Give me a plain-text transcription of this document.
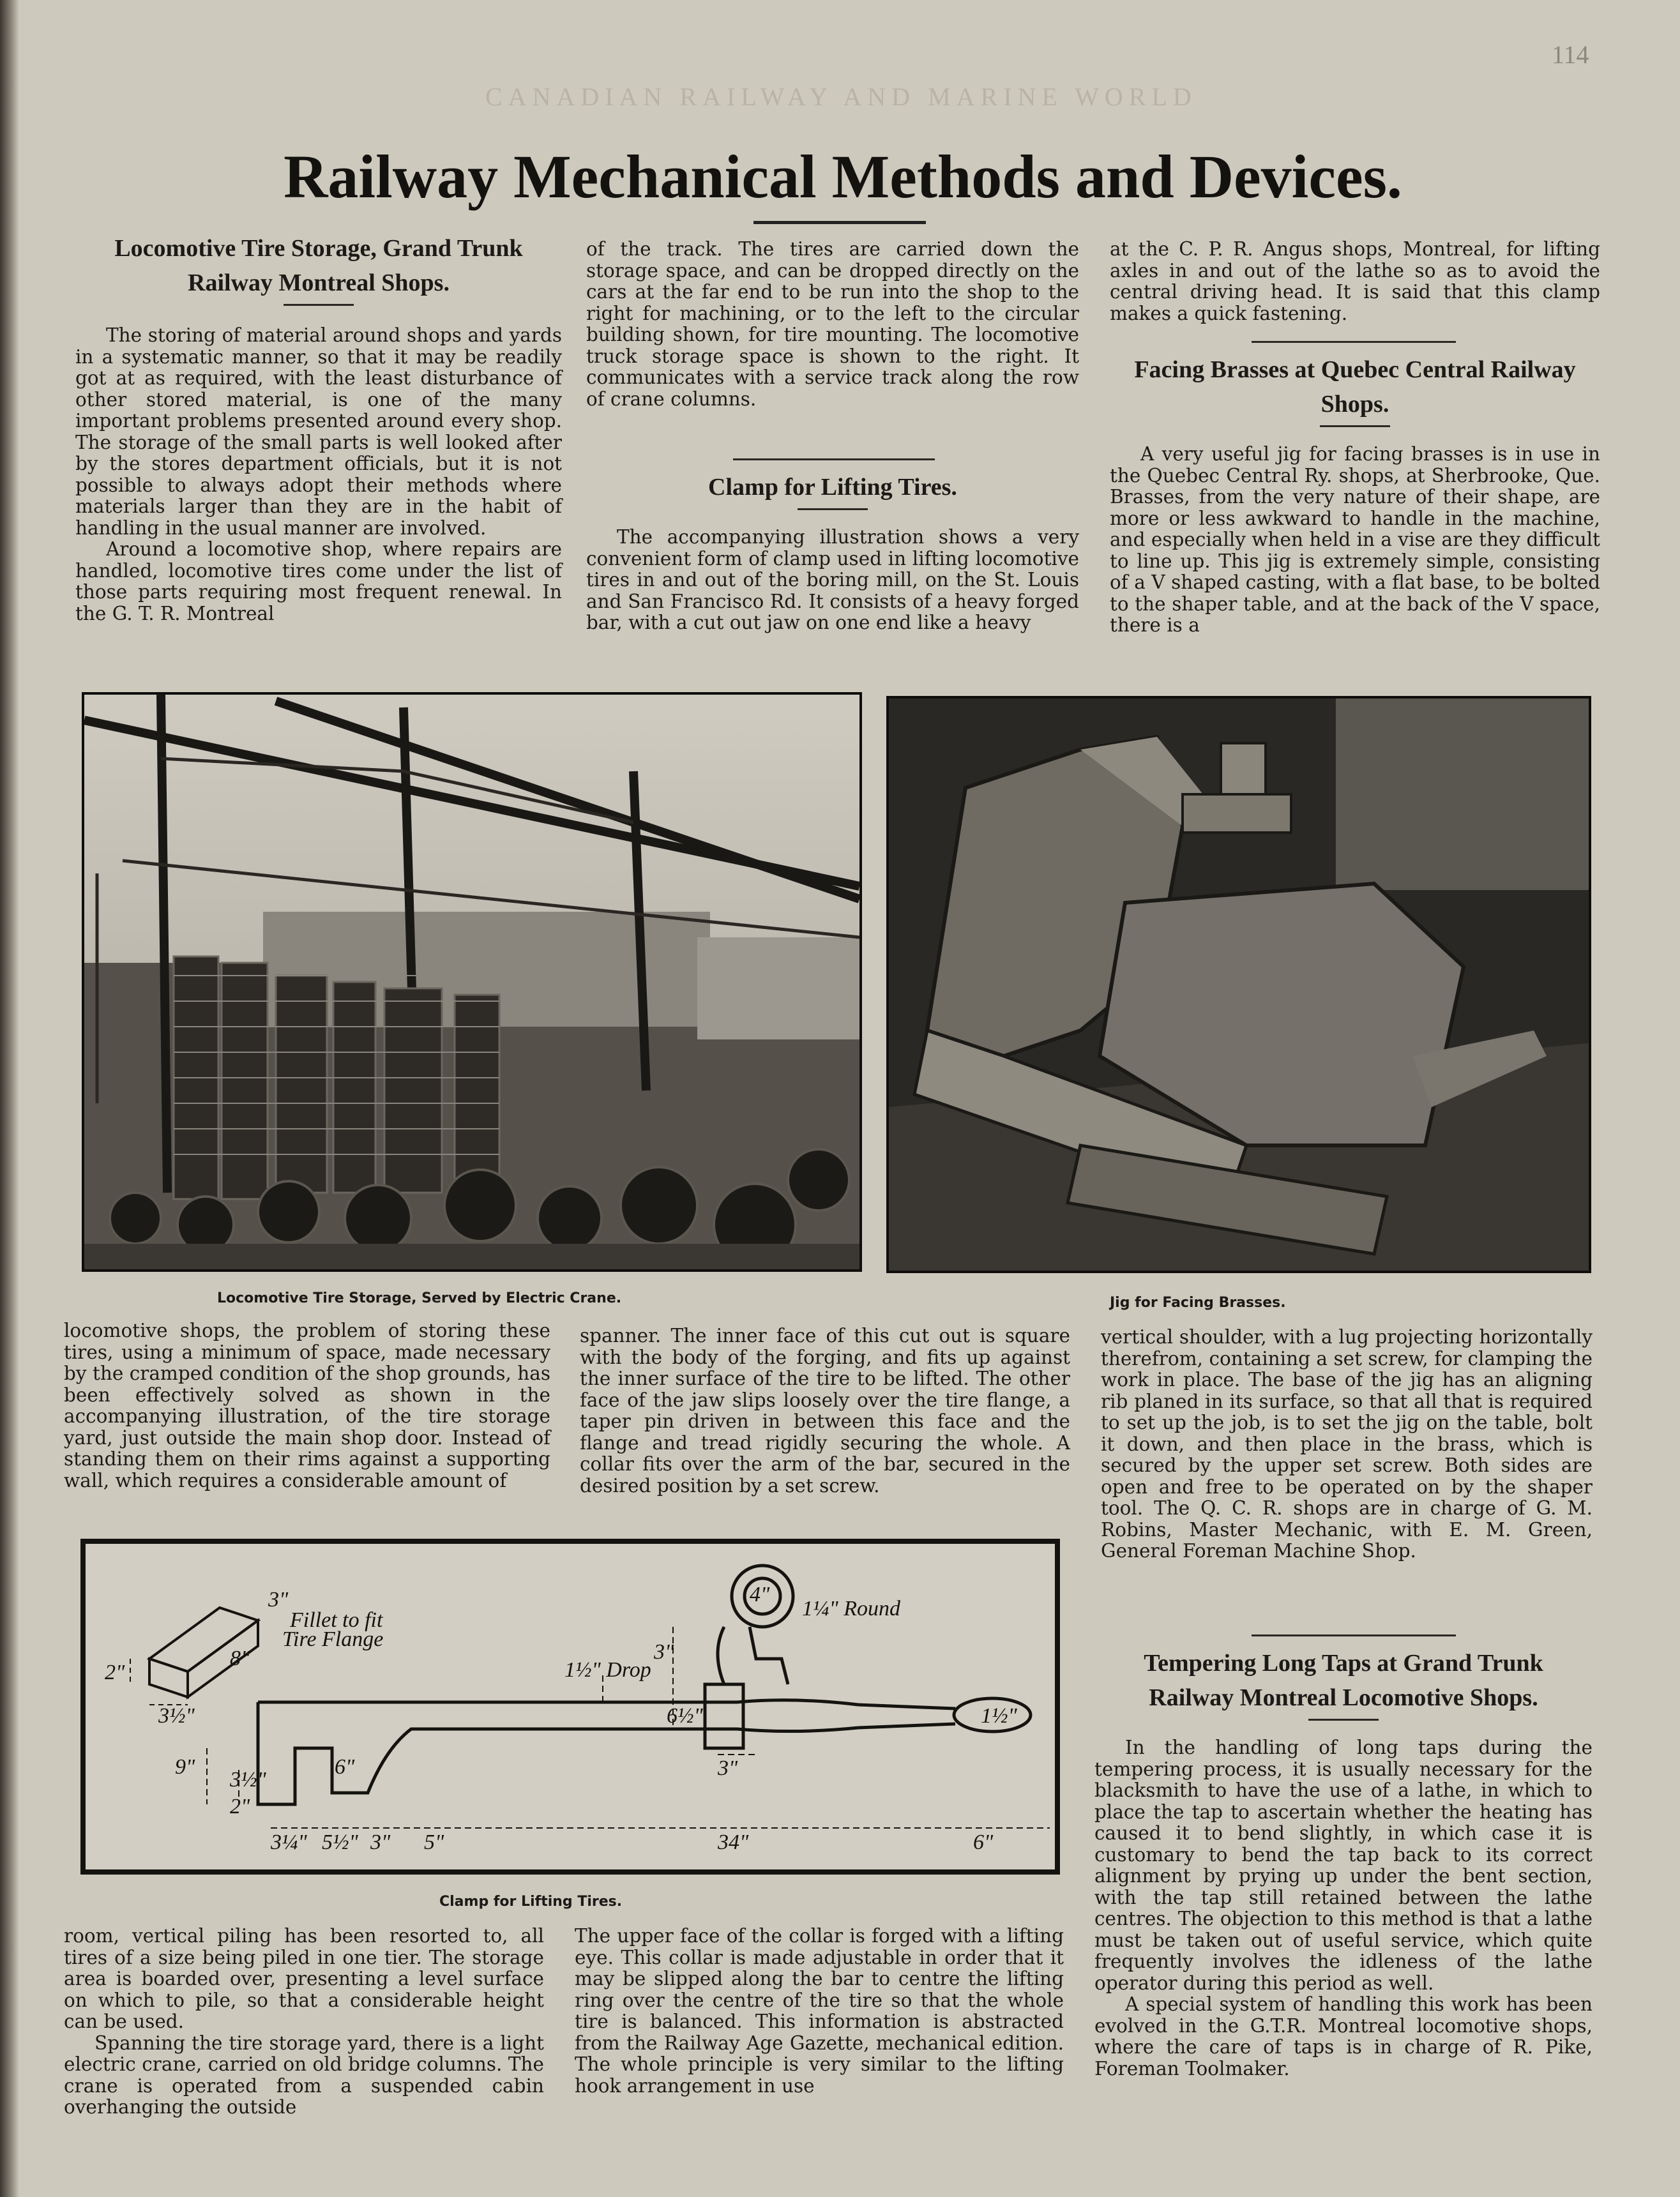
114
CANADIAN RAILWAY AND MARINE WORLD
Railway Mechanical Methods and Devices.
Locomotive Tire Storage, Grand Trunk Railway Montreal Shops.

The storing of material around shops and yards in a systematic manner, so that it may be readily got at as required, with the least disturbance of other stored material, is one of the many important problems presented around every shop. The storage of the small parts is well looked after by the stores department officials, but it is not possible to always adopt their methods where materials larger than they are in the habit of handling in the usual manner are involved.

Around a locomotive shop, where repairs are handled, locomotive tires come under the list of those parts requiring most frequent renewal. In the G. T. R. Montreal

of the track. The tires are carried down the storage space, and can be dropped directly on the cars at the far end to be run into the shop to the right for machining, or to the left to the circular building shown, for tire mounting. The locomotive truck storage space is shown to the right. It communicates with a service track along the row of crane columns.

Clamp for Lifting Tires.

The accompanying illustration shows a very convenient form of clamp used in lifting locomotive tires in and out of the boring mill, on the St. Louis and San Francisco Rd. It consists of a heavy forged bar, with a cut out jaw on one end like a heavy

at the C. P. R. Angus shops, Montreal, for lifting axles in and out of the lathe so as to avoid the central driving head. It is said that this clamp makes a quick fastening.

Facing Brasses at Quebec Central Railway Shops.

A very useful jig for facing brasses is in use in the Quebec Central Ry. shops, at Sherbrooke, Que. Brasses, from the very nature of their shape, are more or less awkward to handle in the machine, and especially when held in a vise are they difficult to line up. This jig is extremely simple, consisting of a V shaped casting, with a flat base, to be bolted to the shaper table, and at the back of the V space, there is a

Locomotive Tire Storage, Served by Electric Crane.	Jig for Facing Brasses.

locomotive shops, the problem of storing these tires, using a minimum of space, made necessary by the cramped condition of the shop grounds, has been effectively solved as shown in the accompanying illustration, of the tire storage yard, just outside the main shop door. Instead of standing them on their rims against a supporting wall, which requires a considerable amount of

spanner. The inner face of this cut out is square with the body of the forging, and fits up against the inner surface of the tire to be lifted. The other face of the jaw slips loosely over the tire flange, a taper pin driven in between this face and the flange and tread rigidly securing the whole. A collar fits over the arm of the bar, secured in the desired position by a set screw.

vertical shoulder, with a lug projecting horizontally therefrom, containing a set screw, for clamping the work in place. The base of the jig has an aligning rib planed in its surface, so that all that is required to set up the job, is to set the jig on the table, bolt it down, and then place in the brass, which is secured by the upper set screw. Both sides are open and free to be operated on by the shaper tool. The Q. C. R. shops are in charge of G. M. Robins, Master Mechanic, with E. M. Green, General Foreman Machine Shop.

3"
Fillet to fit
Tire Flange
2"
8"
3½"
1¼" Round
4"
1½" Drop
3"
6½"	1½"
9"	6"
3½"
2"
3"
3¼" 5½" 3" 5"	34"	6"

Clamp for Lifting Tires.

room, vertical piling has been resorted to, all tires of a size being piled in one tier. The storage area is boarded over, presenting a level surface on which to pile, so that a considerable height can be used.

Spanning the tire storage yard, there is a light electric crane, carried on old bridge columns. The crane is operated from a suspended cabin overhanging the outside

The upper face of the collar is forged with a lifting eye. This collar is made adjustable in order that it may be slipped along the bar to centre the lifting ring over the centre of the tire so that the whole tire is balanced. This information is abstracted from the Railway Age Gazette, mechanical edition. The whole principle is very similar to the lifting hook arrangement in use

Tempering Long Taps at Grand Trunk Railway Montreal Locomotive Shops.

In the handling of long taps during the tempering process, it is usually necessary for the blacksmith to have the use of a lathe, in which to place the tap to ascertain whether the heating has caused it to bend slightly, in which case it is customary to bend the tap back to its correct alignment by prying up under the bent section, with the tap still retained between the lathe centres. The objection to this method is that a lathe must be taken out of useful service, which quite frequently involves the idleness of the lathe operator during this period as well.

A special system of handling this work has been evolved in the G.T.R. Montreal locomotive shops, where the care of taps is in charge of R. Pike, Foreman Toolmaker.
